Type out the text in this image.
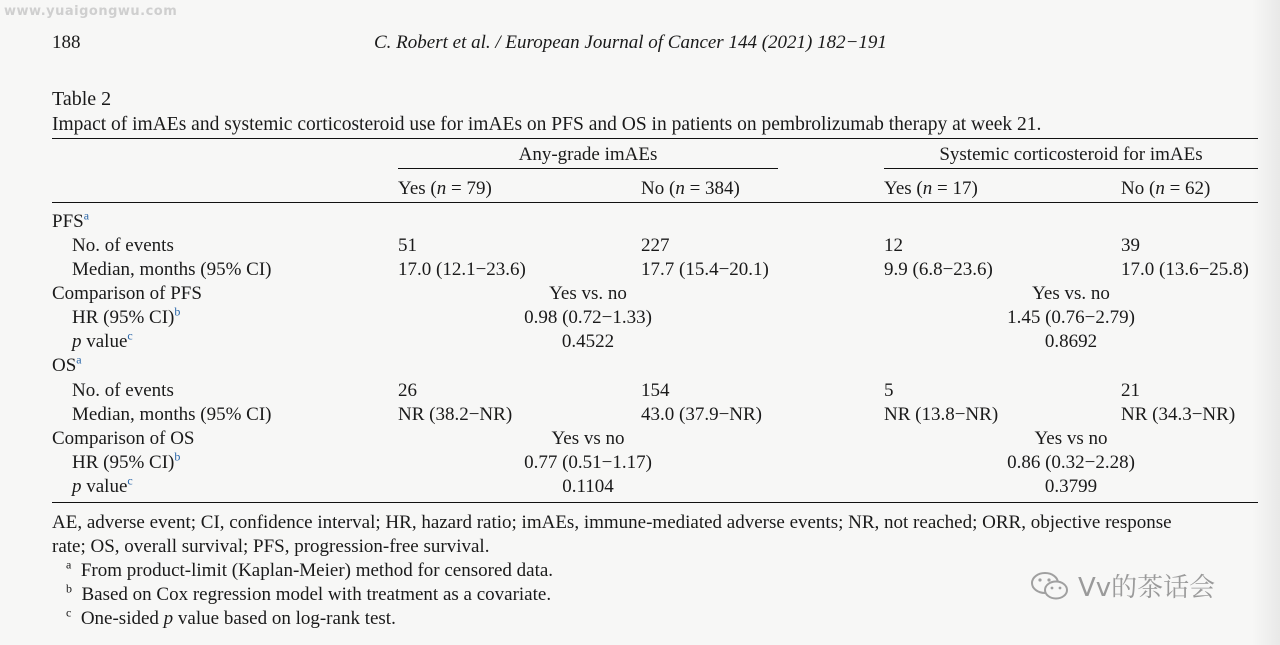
www.yuaigongwu.com
188	C. Robert et al. / European Journal of Cancer 144 (2021) 182−191
Table 2
Impact of imAEs and systemic corticosteroid use for imAEs on PFS and OS in patients on pembrolizumab therapy at week 21.
Any-grade imAEs	Systemic corticosteroid for imAEs
Yes (n = 79)	No (n = 384)	Yes (n = 17)	No (n = 62)
PFS$^a$
No. of events	51	227	12	39
Median, months (95% CI)	17.0 (12.1−23.6)	17.7 (15.4−20.1)	9.9 (6.8−23.6)	17.0 (13.6−25.8)
Comparison of PFS	Yes vs. no	Yes vs. no
HR (95% CI)$^b$	0.98 (0.72−1.33)	1.45 (0.76−2.79)
p value$^c$	0.4522	0.8692
$OS^a$
No. of events	26	154	5	21
Median, months (95% CI)	NR (38.2−NR)	43.0 (37.9−NR)	NR (13.8−NR)	NR (34.3−NR)
Comparison of OS	Yes vs no	Yes vs no
HR (95% CI)$^b$	0.77 (0.51−1.17)	0.86 (0.32−2.28)
p value$^c$	0.1104	0.3799
AE, adverse event; CI, confidence interval; HR, hazard ratio; imAEs, immune-mediated adverse events; NR, not reached; ORR, objective response
rate; OS, overall survival; PFS, progression-free survival.
$^a$ From product-limit (Kaplan-Meier) method for censored data.
$^b$ Based on Cox regression model with treatment as a covariate.
$^c$ One-sided p value based on log-rank test.
Vv的茶话会
